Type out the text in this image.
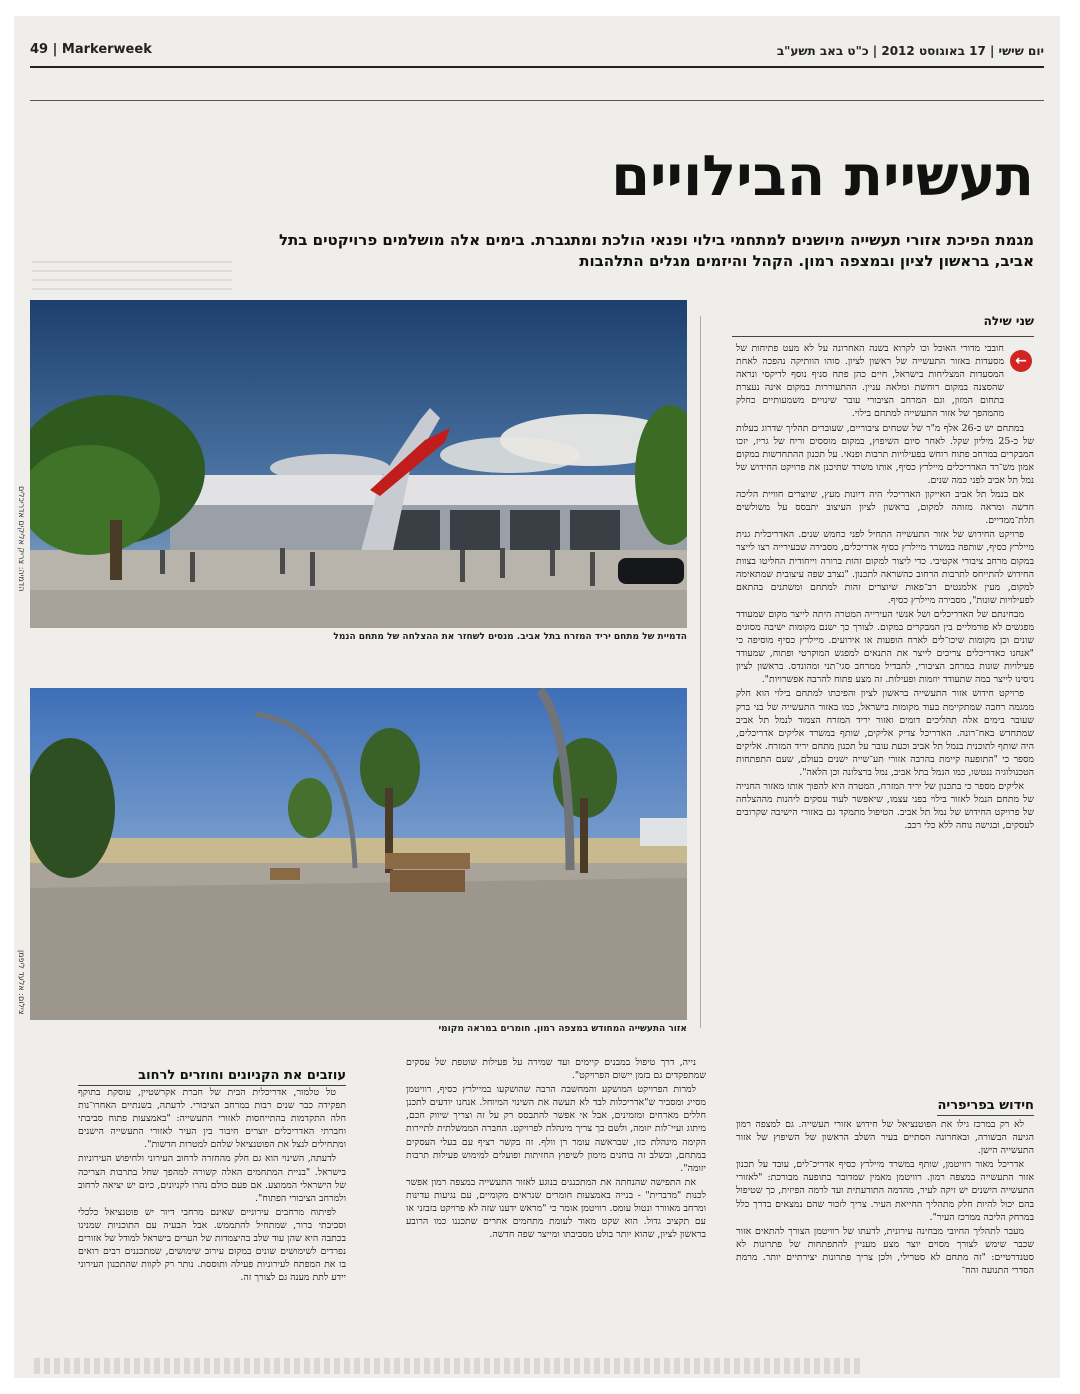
יום שישי | 17 באוגוסט 2012 | כ"ט באב תשע"ב
49 | Markerweek
תעשיית הבילויים
מגמת הפיכת אזורי תעשייה מיושנים למתחמי בילוי ופנאי הולכת ומתגברת. בימים אלה מושלמים פרויקטים בתל אביב, בראשון לציון ובמצפה רמון. הקהל והיזמים מגלים התלהבות
הדמיה: צריק אליקים אדריכלים
הדמיית של מתחם יריד המזרח בתל אביב. מנסים לשחזר את ההצלחה של מתחם הנמל
צילום: אלעד ליפמן
אזור התעשייה המחודש במצפה רמון. חומרים במראה מקומי
שני שילה
←

חובבי מדורי האוכל וכו לקרוא בשנה האחרונה על לא מעט פתיחות של מסעדות באזור התעשייה של ראשון לציון. סוהו הוותיקה נהפכה לאחת המסעדות המצליחות בישראל, חיים כהן פתח סניף נוסף לדיקסי ונראה שהסצנה במקום רוחשת ומלאה עניין. ההתעוררות במקום אינה נעצרת בתחום המזון, וגם המרחב הציבורי עובר שינויים משמעותיים כחלק מהמהפך של אזור התעשייה למתחם בילוי.

במתחם יש כ-26 אלף מ"ר של שטחים ציבוריים, שעוברים תהליך שדרוג בעלות של כ-25 מיליון שקל. לאחר סיום השיפוץ, במקום מוססים וריח של גריז, יזכו המבקרים במרחב פתוח רוחש בפעילויות תרבות ופנאי. על תכנון ההתחדשות במקום אמון מש־רד האדריכלים מיילרץ כסיף, אותו משרד שתיכנן את פרויקט החידוש של נמל תל אביב לפני כמה שנים.

אם בנמל תל אביב האייקון האדריכלי היה דיונות מעץ, שיוצרים חוויית הליכה חדשה ומראה מזוהה למקום, בראשון לציון העיצוב יתבסס על משולשים תלת־ממדיים.

פרויקט החידוש של אזור התעשייה התחיל לפני כחמש שנים. האדריכלית גנית מיילרץ כסיף, שותפה במשרד מיילרץ כסיף אדריכלים, מסבירה שבעירייה רצו לייצר במקום מרחב ציבורי אקטיבי. כדי ליצור למקום זהות ברורה וייחודית החליטו בצוות החידוש להתייחס לתרבות הרחוב כהשראה לתכנון. "נצרב שפה עיצובית שמתאימה למקום, מעין אלמנטים רב־פאות שיוצרים זהות למתחם ומשתנים בהתאם לפעילויות שונות", מסבירה מיילרץ כסיף.

מבחינתם של האדריכלים ושל אנשי העירייה המטרה היתה לייצר מקום שמעודד מפגשים לא פורמליים בין המבקרים במקום. לצורך כך ישנם מקומות ישיבה מסוגים שונים וכן מקומות שיכו־לים לארח הופעות או אירועים. מיילרץ כסיף מוסיפה כי "אנחנו כאדריכלים צריכים לייצר את התנאים למפגש המוקרטי ופתוח, שמעודד פעילויות שונות במרחב הציבורי, להבדיל ממרחב סגי־תני ומהונדס. בראשון לציון ניסינו לייצר במה שתעודד יוזמות ופעילות. זה מצע פתוח להרבה אפשרויות".

פרויקט חידוש אזור התעשייה בראשון לציון והפיכתו למתחם בילוי הוא חלק ממגמה רחבה שמתקיימת בעוד מקומות בישראל, כמו באזור התעשייה של בני ברק שעובר בימים אלה תהליכים דומים ואזור יריד המזרח הצמוד לנמל תל אביב שמתחדש באח־רונה. האדריכל צדיק אליקים, שותף במשרד אליקים אדריכלים, היה שותף לתוכנית בנמל תל אביב וכעת עובר על תכנון מתחם יריד המזרח. אליקים מספר כי "התופעה קיימת בהרבה אזורי תע־שייה ישנים בעולם, שעם התפתחות הטכנולוגיה ננטשו, כמו הנמל בתל אביב, נמל ברצלונה וכן הלאה".

אליקים מספר כי בתכנון של יריד המזרח, המטרה היא להפוך אותו מאזור החנייה של מתחם הנמל לאזור בילוי בפני עצמו, שיאפשר לעוד עסקים ליהנות מההצלחה של פרויקט החידוש של נמל תל אביב. הטיפול מתמקד גם באזורי הישיבה שקרובים לעסקים, ובגישה נוחה ללא כלי רכב.

חידוש בפריפריה

לא רק במרכז גילו את הפוטנציאל של חידוש אזורי תעשייה. גם למצפה רמון הגיעה הבשורה, ובאחרונה הסתיים בעיר השלב הראשון של השיפוץ של אזור התעשייה הישן.

אדריכל מאור רוויטמן, שותף במשרד מיילרץ כסיף אדריכ־לים, עובד על תכנון אזור התעשייה במצפה רמון. רוויטמן מאמין שמדובר בתופעה מבורכת: "לאזורי התעשייה הישנים יש זיקה לעיר, מהדמה התודעתית ועד לרמה הפיזית, כך שטיפול בהם יכול להיות חלק מתהליך החייאת העיר. צריך לזכור שהם נמצאים בדרך כלל במרחק הליכה ממרכז העיר".

מעבר לתהליך החיובי מבחינה עירונית, לדעתו של רוויטמן הצורך להתאים אזור שכבר שימש לצורך מסוים יוצר מצע מעניין להתפתחות של פתרונות לא סטנדרטיים: "זה מתחם לא סטרילי, ולכן צריך פתרונות יצירתיים יותר. מרמת הסדרי התנועה והח־

נייה, דרך טיפול במבנים קיימים ועד שמירה על פעילות שוטפת של עסקים שמתפקדים גם בזמן יישום הפרויקט".

למרות הפרויקט המושקע והמחשבה הרבה שהושקעו במיילרץ כסיף, רוויטמן מסייג ומסביר ש"אדריכלות לבד לא תעשה את השינוי המיוחל. אנחנו יודעים לתכנן חללים מארחים ומזמינים, אבל אי אפשר להתבסס רק על זה וצריך שיווק חכם, מיתוג ועיי־לות יזומה, ולשם כך צריך מינהלת לפרויקט. החברה הממשלתית לתיירות הקימה מינהלת כזו, שבראשה עומר רן וולף. זה בקשר רציף עם בעלי העסקים במתחם, ובשלב זה בוחנים מימון לשיפוץ החזיתות ופועלים למימוש פעילות תרבות יזומה".

את התפישה שהנחתה את המתכננים בנוגע לאזור התעשייה במצפה רמון אפשר לכנות "מדברית" - בנייה באמצעות חומרים שנראים מקומיים, עם נגיעות עדינות ומרחב מאוורר ונטול עומס. רוויטמן אומר כי "מראש ידענו שזה לא פרויקט בזבזני או עם תקציב גדול. הוא שקט מאוד לעומת מתחמים אחרים שתכננו כמו הרובע בראשון לציון, שהוא יותר בולט מסביבתו ומייצר שפה חדשה.

עוזבים את הקניונים וחוזרים לרחוב

טל טלמור, אדריכלית הבית של חברת אקרשטיין, עוסקת בתוקף תפקידה כבר שנים רבות במרחב הציבורי. לדעתה, בשנתיים האחרו־נות חלה התקדמות בהתייחסות לאזורי התעשייה: "באמצעות פתוח סביבתי וחברתי האדריכלים יוצרים חיבור בין העיר לאזורי התעשייה הישנים ומתחילים לנצל את הפוטנציאל שלהם למטרות חדשות".

לדעתה, השינוי הוא גם חלק מהחזרה לרחוב העירוני ולחיפוש העירוניות בישראל. "בניית המתחמים האלה קשורה למהפך שחל בתרבות הצריכה של הישראלי הממוצע. אם פעם כולם נהרו לקניונים, כיום יש יציאה לרחוב ולמרחב הציבורי הפתוח".

לפיתוח מרחבים עירוניים שאינם מרחבי דיור יש פוטנציאל כלכלי וסביבתי ברור, שמתחיל להתממש. אבל הבעיה עם התוכניות שמנינו בכתבה היא שהן עוד שלב בהיצמדות של הערים בישראל למודל של אזורים נפרדים לשימושים שונים במקום עירוב שימושים, שמתכננים רבים רואים בו את המפתח לעירוניות פעילה ותוססת. נותר רק לקוות שהתכנון העירוני יידע לתת מענה גם לצורך זה.
